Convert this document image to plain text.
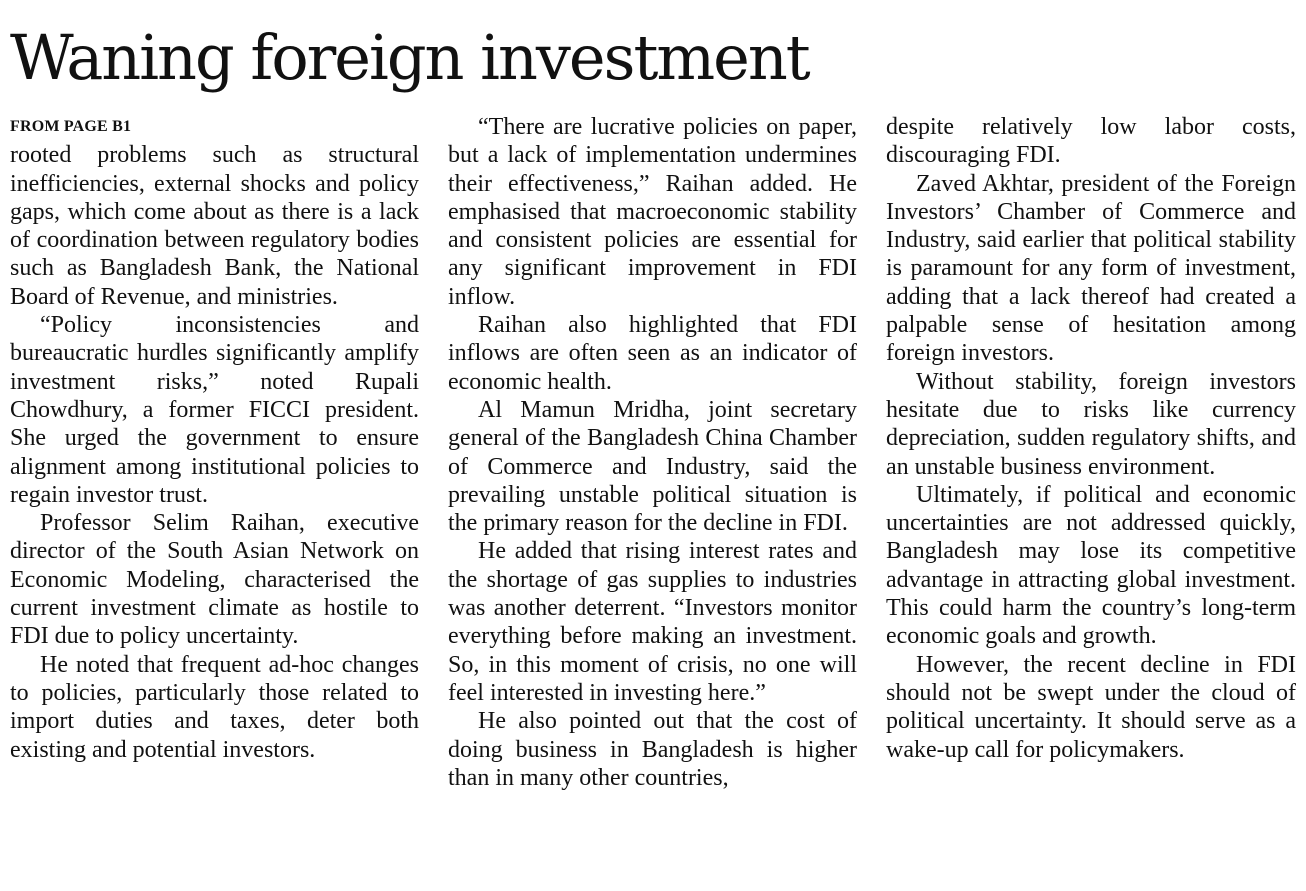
Waning foreign investment
FROM PAGE B1

rooted problems such as structural inefficiencies, external shocks and policy gaps, which come about as there is a lack of coordination between regulatory bodies such as Bangladesh Bank, the National Board of Revenue, and ministries.

“Policy inconsistencies and bureaucratic hurdles significantly amplify investment risks,” noted Rupali Chowdhury, a former FICCI president. She urged the government to ensure alignment among institutional policies to regain investor trust.

Professor Selim Raihan, executive director of the South Asian Network on Economic Modeling, characterised the current investment climate as hostile to FDI due to policy uncertainty.

He noted that frequent ad-hoc changes to policies, particularly those related to import duties and taxes, deter both existing and potential investors.

“There are lucrative policies on paper, but a lack of implementation undermines their effectiveness,” Raihan added. He emphasised that macroeconomic stability and consistent policies are essential for any significant improvement in FDI inflow.

Raihan also highlighted that FDI inflows are often seen as an indicator of economic health.

Al Mamun Mridha, joint secretary general of the Bangladesh China Chamber of Commerce and Industry, said the prevailing unstable political situation is the primary reason for the decline in FDI.

He added that rising interest rates and the shortage of gas supplies to industries was another deterrent. “Investors monitor everything before making an investment. So, in this moment of crisis, no one will feel interested in investing here.”

He also pointed out that the cost of doing business in Bangladesh is higher than in many other countries,

despite relatively low labor costs, discouraging FDI.

Zaved Akhtar, president of the Foreign Investors’ Chamber of Commerce and Industry, said earlier that political stability is paramount for any form of investment, adding that a lack thereof had created a palpable sense of hesitation among foreign investors.

Without stability, foreign investors hesitate due to risks like currency depreciation, sudden regulatory shifts, and an unstable business environment.

Ultimately, if political and economic uncertainties are not addressed quickly, Bangladesh may lose its competitive advantage in attracting global investment. This could harm the country’s long-term economic goals and growth.

However, the recent decline in FDI should not be swept under the cloud of political uncertainty. It should serve as a wake-up call for policymakers.
